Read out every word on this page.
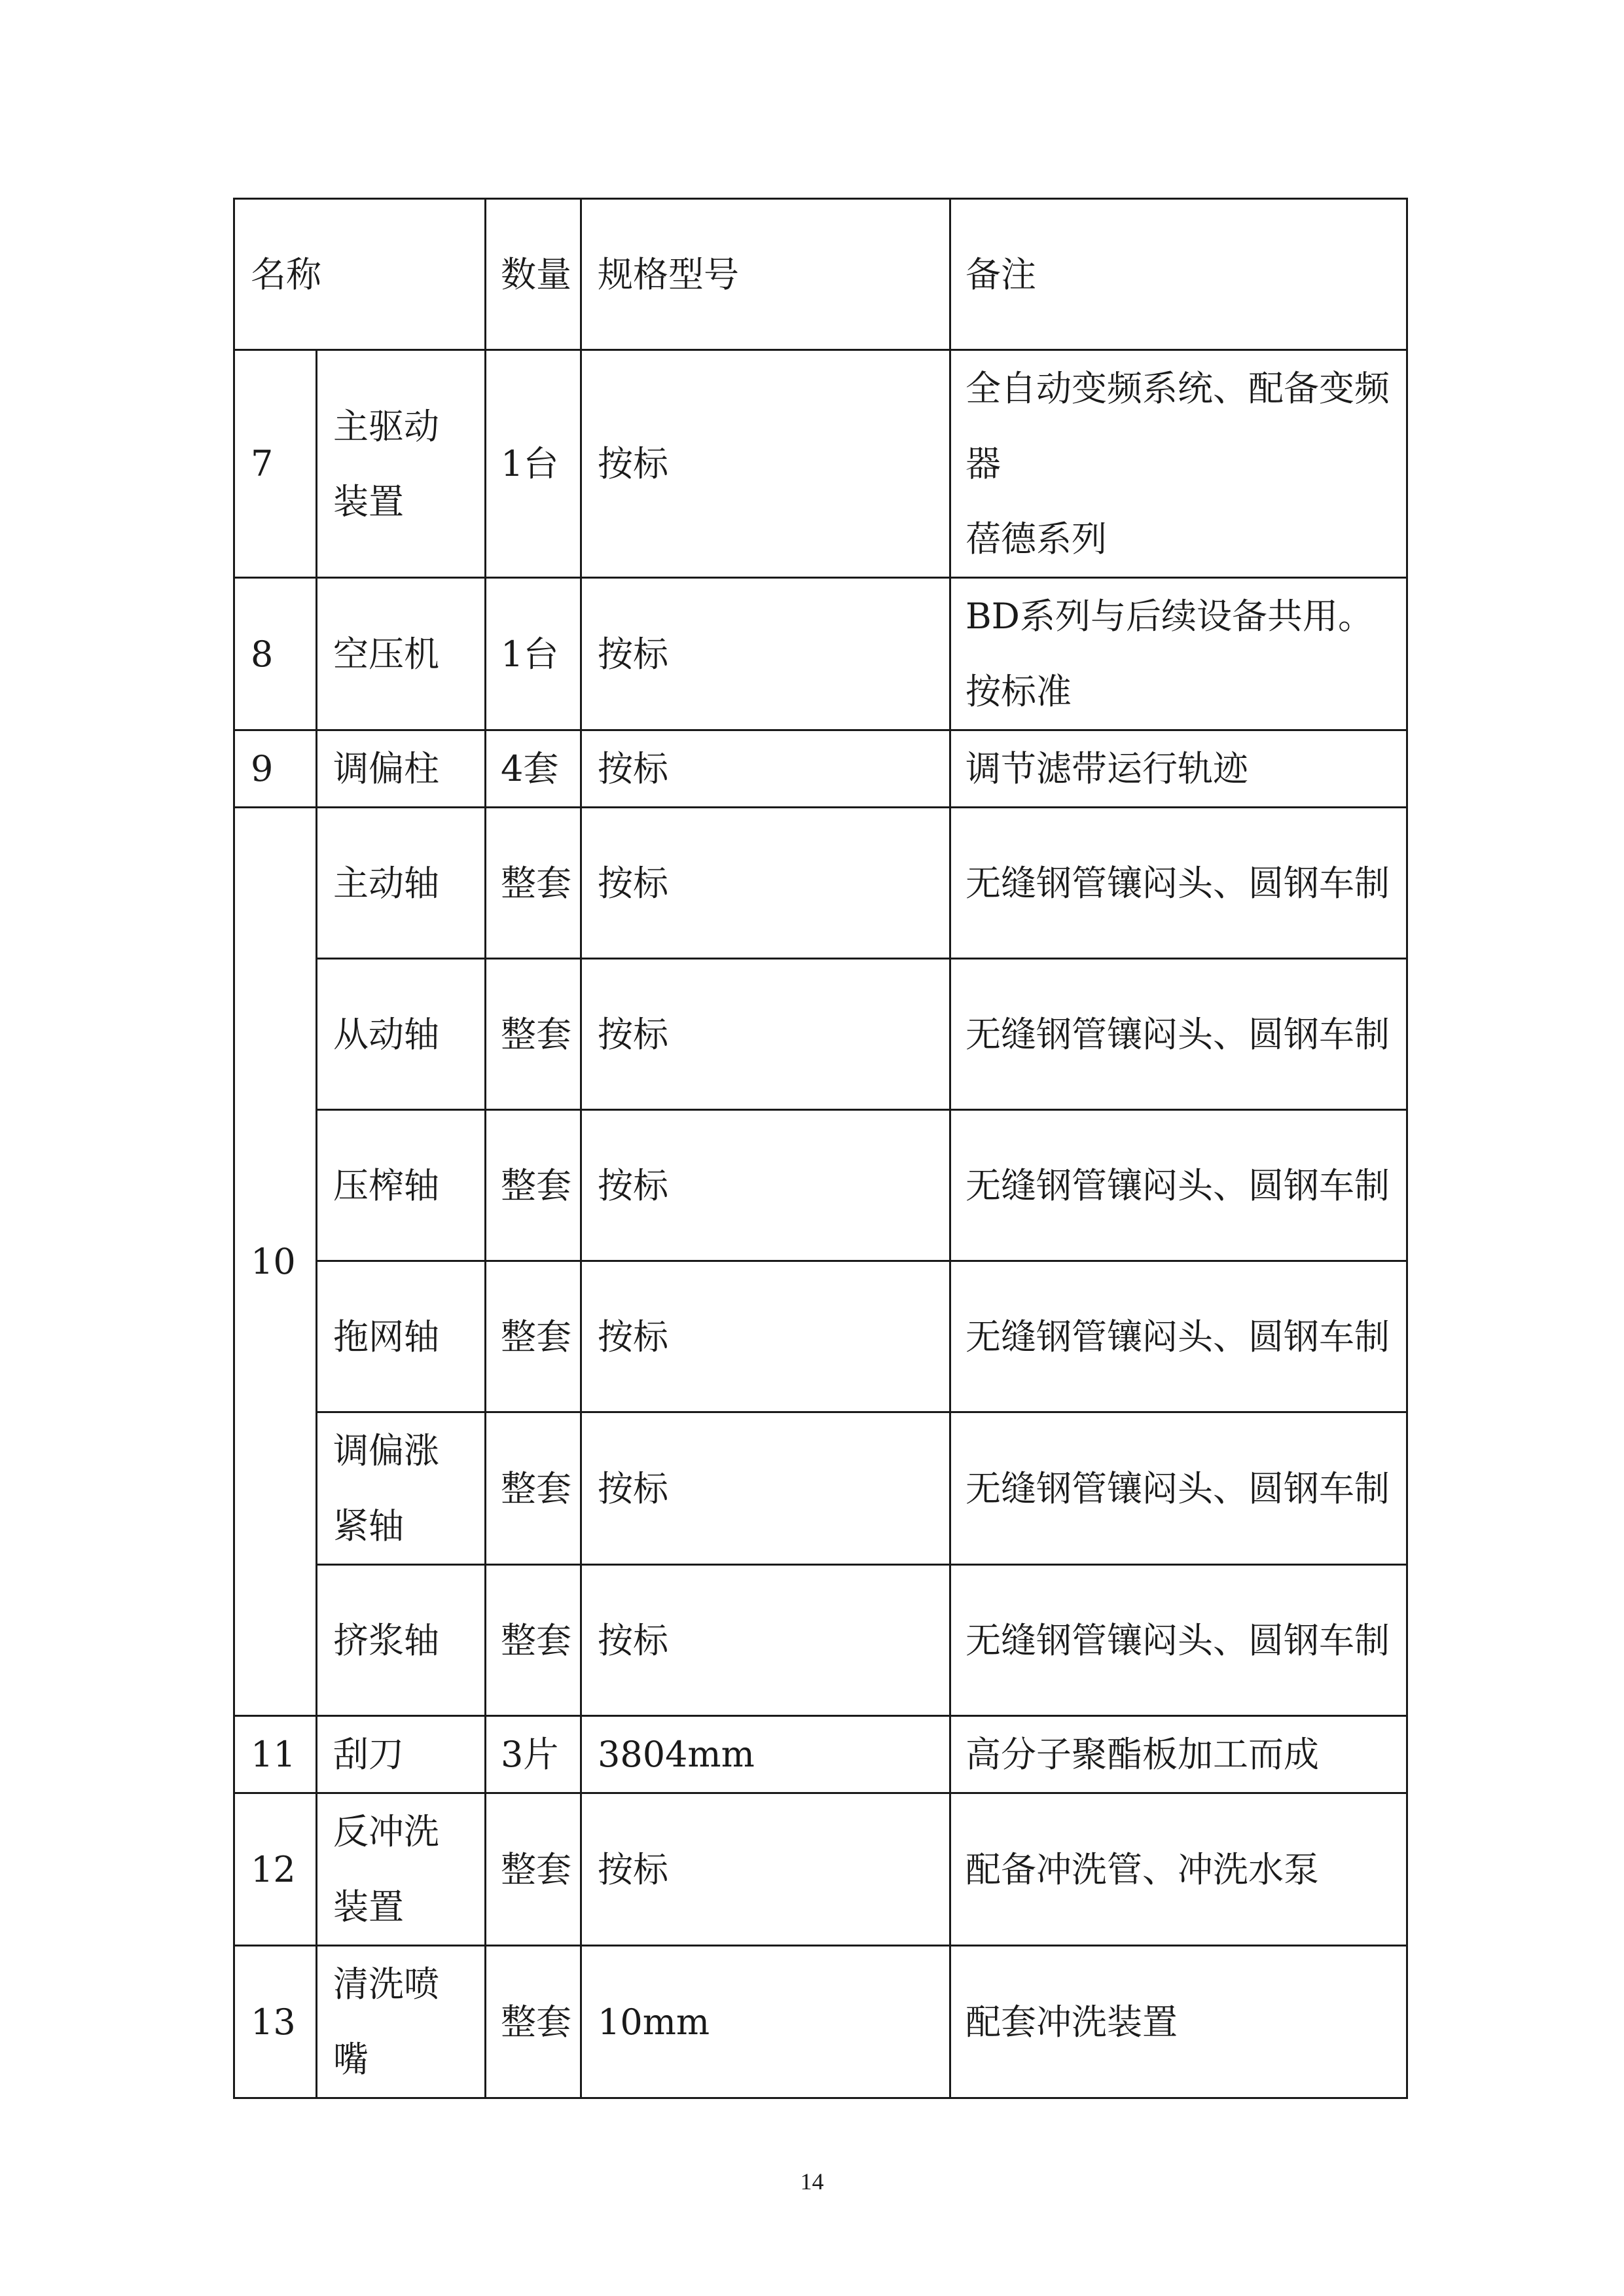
名称		数量	规格型号	备注
7	主驱动装置	1台	按标	全自动变频系统、配备变频器
蓓德系列
8	空压机	1台	按标	BD系列与后续设备共用。按标准
9	调偏柱	4套	按标	调节滤带运行轨迹
10	主动轴	整套	按标	无缝钢管镶闷头、圆钢车制
	从动轴	整套	按标	无缝钢管镶闷头、圆钢车制
	压榨轴	整套	按标	无缝钢管镶闷头、圆钢车制
	拖网轴	整套	按标	无缝钢管镶闷头、圆钢车制
	调偏涨紧轴	整套	按标	无缝钢管镶闷头、圆钢车制
	挤浆轴	整套	按标	无缝钢管镶闷头、圆钢车制
11	刮刀	3片	3804mm	高分子聚酯板加工而成
12	反冲洗装置	整套	按标	配备冲洗管、冲洗水泵
13	清洗喷嘴	整套	10mm	配套冲洗装置
14
